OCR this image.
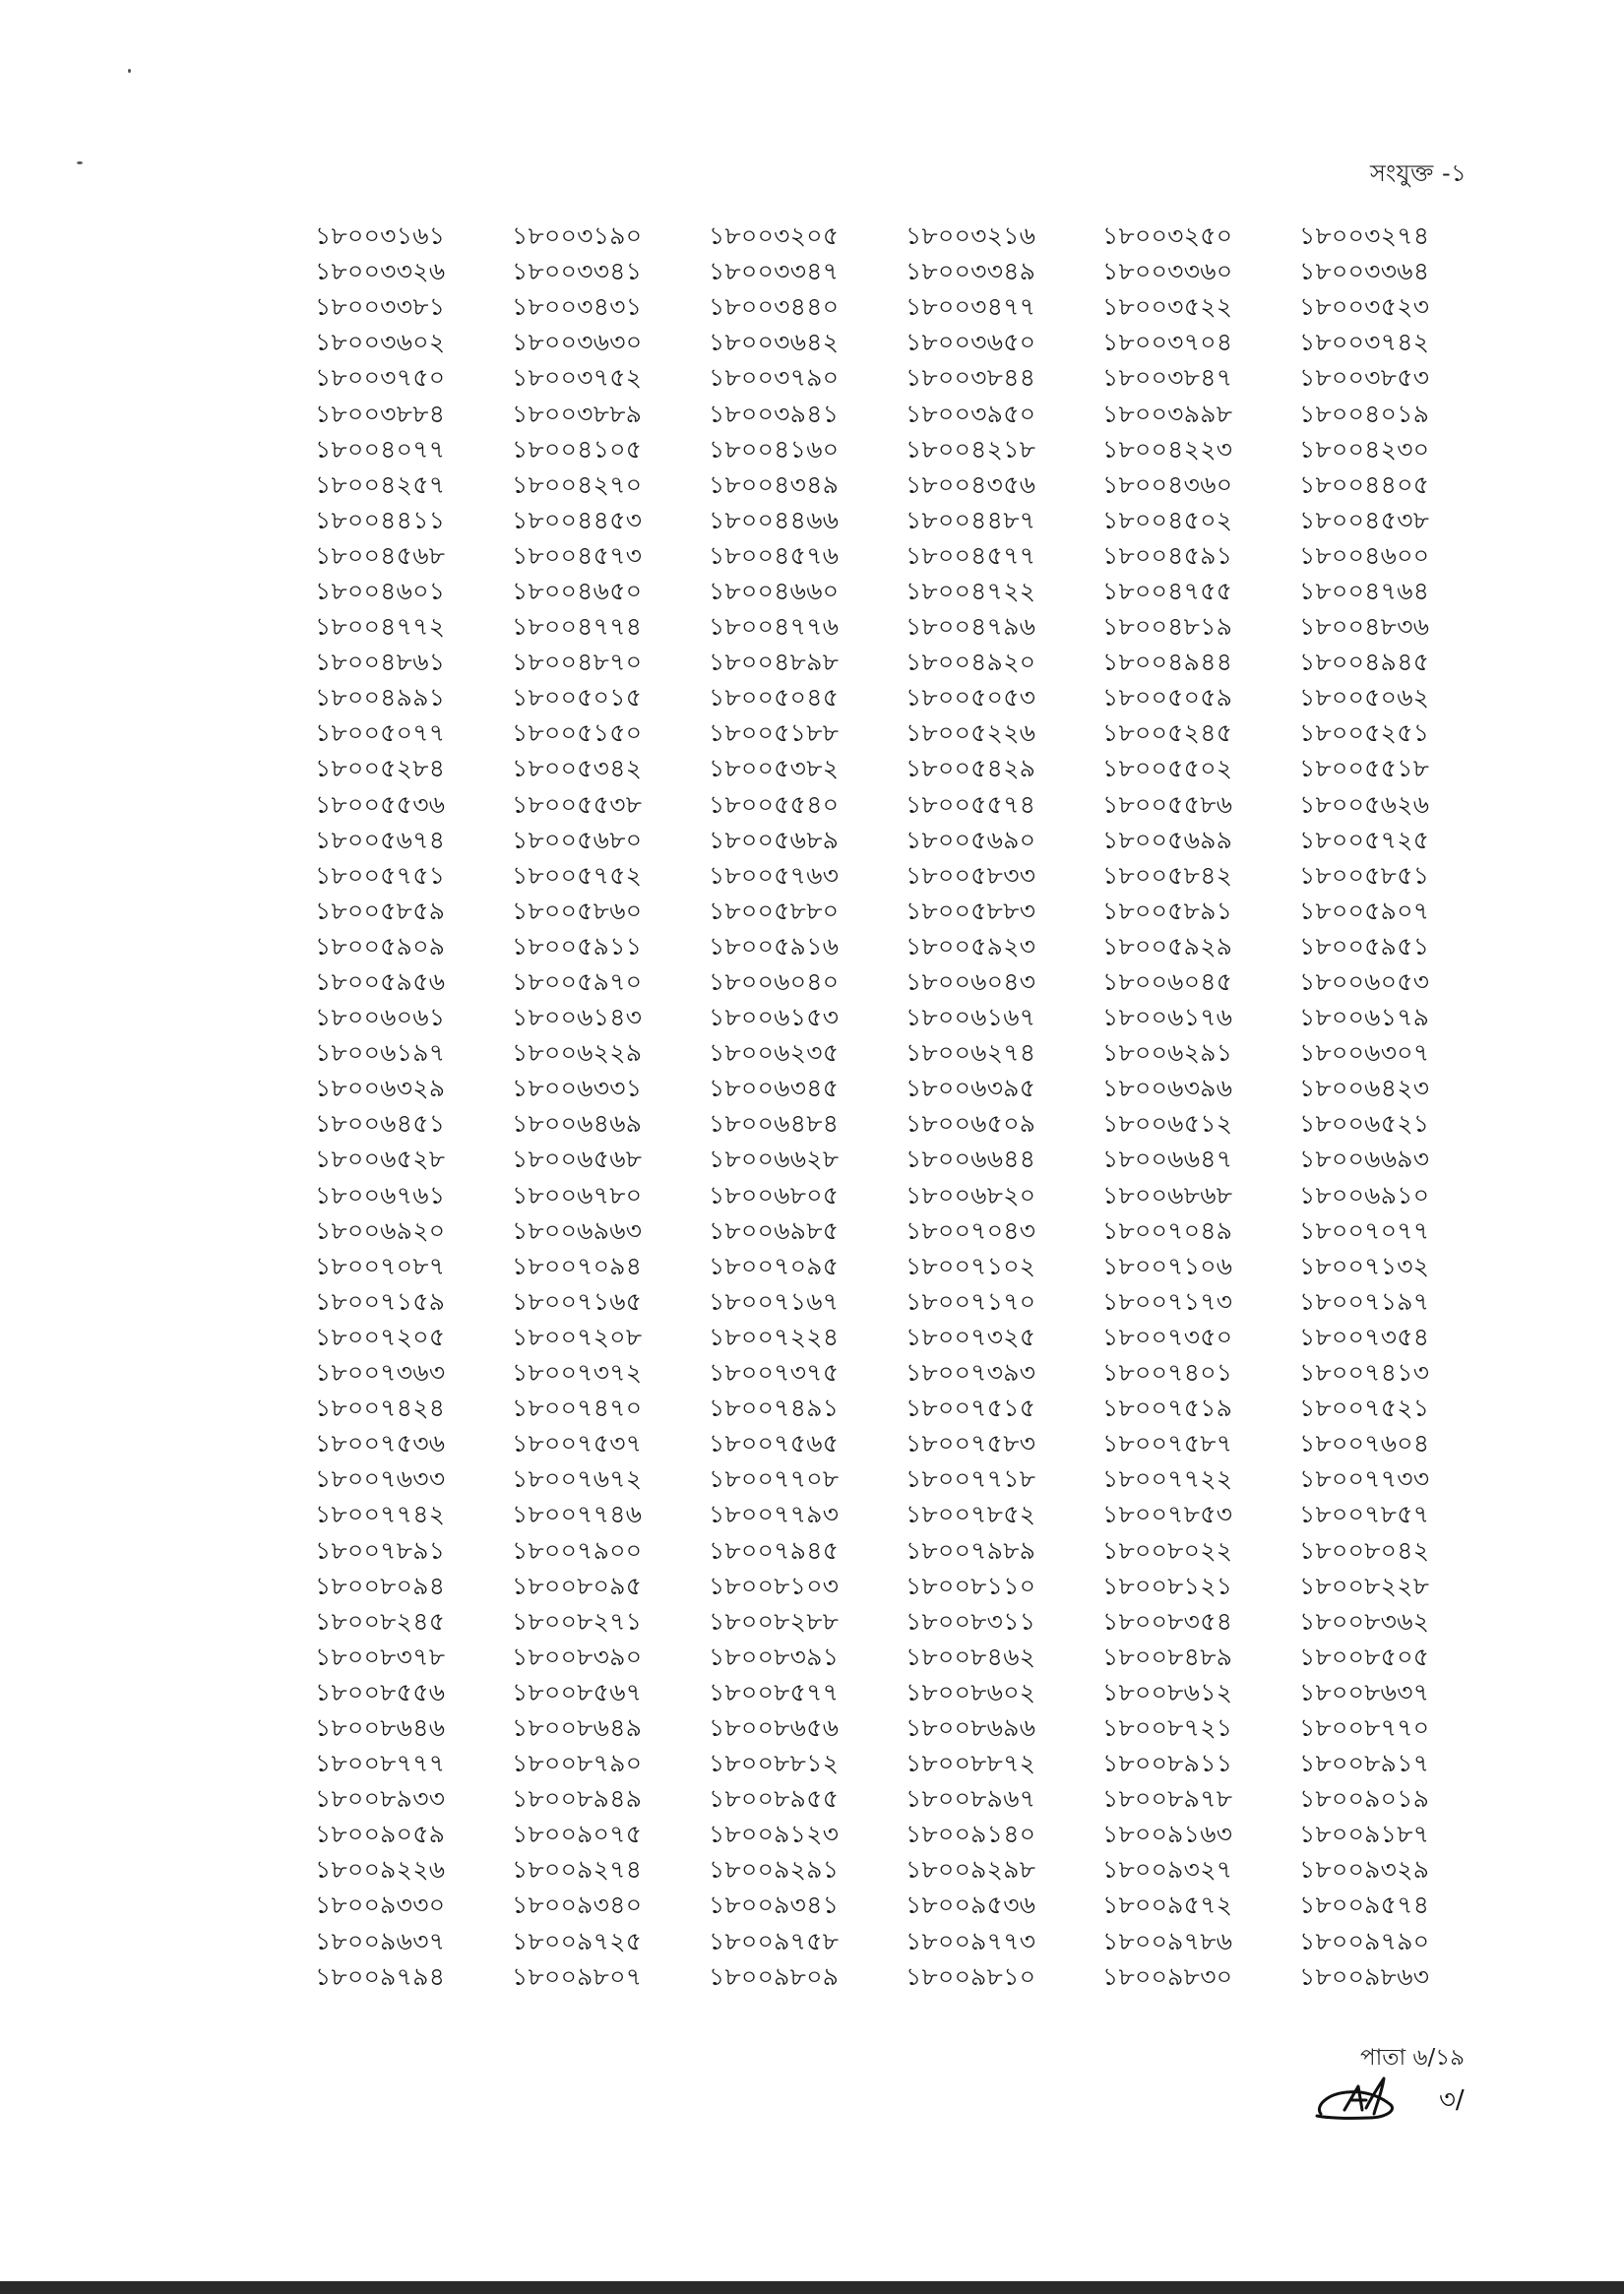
সংযুক্ত -১
১৮০০৩১৬১	১৮০০৩১৯০	১৮০০৩২০৫	১৮০০৩২১৬	১৮০০৩২৫০	১৮০০৩২৭৪
১৮০০৩৩২৬	১৮০০৩৩৪১	১৮০০৩৩৪৭	১৮০০৩৩৪৯	১৮০০৩৩৬০	১৮০০৩৩৬৪
১৮০০৩৩৮১	১৮০০৩৪৩১	১৮০০৩৪৪০	১৮০০৩৪৭৭	১৮০০৩৫২২	১৮০০৩৫২৩
১৮০০৩৬০২	১৮০০৩৬৩০	১৮০০৩৬৪২	১৮০০৩৬৫০	১৮০০৩৭০৪	১৮০০৩৭৪২
১৮০০৩৭৫০	১৮০০৩৭৫২	১৮০০৩৭৯০	১৮০০৩৮৪৪	১৮০০৩৮৪৭	১৮০০৩৮৫৩
১৮০০৩৮৮৪	১৮০০৩৮৮৯	১৮০০৩৯৪১	১৮০০৩৯৫০	১৮০০৩৯৯৮	১৮০০৪০১৯
১৮০০৪০৭৭	১৮০০৪১০৫	১৮০০৪১৬০	১৮০০৪২১৮	১৮০০৪২২৩	১৮০০৪২৩০
১৮০০৪২৫৭	১৮০০৪২৭০	১৮০০৪৩৪৯	১৮০০৪৩৫৬	১৮০০৪৩৬০	১৮০০৪৪০৫
১৮০০৪৪১১	১৮০০৪৪৫৩	১৮০০৪৪৬৬	১৮০০৪৪৮৭	১৮০০৪৫০২	১৮০০৪৫৩৮
১৮০০৪৫৬৮	১৮০০৪৫৭৩	১৮০০৪৫৭৬	১৮০০৪৫৭৭	১৮০০৪৫৯১	১৮০০৪৬০০
১৮০০৪৬০১	১৮০০৪৬৫০	১৮০০৪৬৬০	১৮০০৪৭২২	১৮০০৪৭৫৫	১৮০০৪৭৬৪
১৮০০৪৭৭২	১৮০০৪৭৭৪	১৮০০৪৭৭৬	১৮০০৪৭৯৬	১৮০০৪৮১৯	১৮০০৪৮৩৬
১৮০০৪৮৬১	১৮০০৪৮৭০	১৮০০৪৮৯৮	১৮০০৪৯২০	১৮০০৪৯৪৪	১৮০০৪৯৪৫
১৮০০৪৯৯১	১৮০০৫০১৫	১৮০০৫০৪৫	১৮০০৫০৫৩	১৮০০৫০৫৯	১৮০০৫০৬২
১৮০০৫০৭৭	১৮০০৫১৫০	১৮০০৫১৮৮	১৮০০৫২২৬	১৮০০৫২৪৫	১৮০০৫২৫১
১৮০০৫২৮৪	১৮০০৫৩৪২	১৮০০৫৩৮২	১৮০০৫৪২৯	১৮০০৫৫০২	১৮০০৫৫১৮
১৮০০৫৫৩৬	১৮০০৫৫৩৮	১৮০০৫৫৪০	১৮০০৫৫৭৪	১৮০০৫৫৮৬	১৮০০৫৬২৬
১৮০০৫৬৭৪	১৮০০৫৬৮০	১৮০০৫৬৮৯	১৮০০৫৬৯০	১৮০০৫৬৯৯	১৮০০৫৭২৫
১৮০০৫৭৫১	১৮০০৫৭৫২	১৮০০৫৭৬৩	১৮০০৫৮৩৩	১৮০০৫৮৪২	১৮০০৫৮৫১
১৮০০৫৮৫৯	১৮০০৫৮৬০	১৮০০৫৮৮০	১৮০০৫৮৮৩	১৮০০৫৮৯১	১৮০০৫৯০৭
১৮০০৫৯০৯	১৮০০৫৯১১	১৮০০৫৯১৬	১৮০০৫৯২৩	১৮০০৫৯২৯	১৮০০৫৯৫১
১৮০০৫৯৫৬	১৮০০৫৯৭০	১৮০০৬০৪০	১৮০০৬০৪৩	১৮০০৬০৪৫	১৮০০৬০৫৩
১৮০০৬০৬১	১৮০০৬১৪৩	১৮০০৬১৫৩	১৮০০৬১৬৭	১৮০০৬১৭৬	১৮০০৬১৭৯
১৮০০৬১৯৭	১৮০০৬২২৯	১৮০০৬২৩৫	১৮০০৬২৭৪	১৮০০৬২৯১	১৮০০৬৩০৭
১৮০০৬৩২৯	১৮০০৬৩৩১	১৮০০৬৩৪৫	১৮০০৬৩৯৫	১৮০০৬৩৯৬	১৮০০৬৪২৩
১৮০০৬৪৫১	১৮০০৬৪৬৯	১৮০০৬৪৮৪	১৮০০৬৫০৯	১৮০০৬৫১২	১৮০০৬৫২১
১৮০০৬৫২৮	১৮০০৬৫৬৮	১৮০০৬৬২৮	১৮০০৬৬৪৪	১৮০০৬৬৪৭	১৮০০৬৬৯৩
১৮০০৬৭৬১	১৮০০৬৭৮০	১৮০০৬৮০৫	১৮০০৬৮২০	১৮০০৬৮৬৮	১৮০০৬৯১০
১৮০০৬৯২০	১৮০০৬৯৬৩	১৮০০৬৯৮৫	১৮০০৭০৪৩	১৮০০৭০৪৯	১৮০০৭০৭৭
১৮০০৭০৮৭	১৮০০৭০৯৪	১৮০০৭০৯৫	১৮০০৭১০২	১৮০০৭১০৬	১৮০০৭১৩২
১৮০০৭১৫৯	১৮০০৭১৬৫	১৮০০৭১৬৭	১৮০০৭১৭০	১৮০০৭১৭৩	১৮০০৭১৯৭
১৮০০৭২০৫	১৮০০৭২০৮	১৮০০৭২২৪	১৮০০৭৩২৫	১৮০০৭৩৫০	১৮০০৭৩৫৪
১৮০০৭৩৬৩	১৮০০৭৩৭২	১৮০০৭৩৭৫	১৮০০৭৩৯৩	১৮০০৭৪০১	১৮০০৭৪১৩
১৮০০৭৪২৪	১৮০০৭৪৭০	১৮০০৭৪৯১	১৮০০৭৫১৫	১৮০০৭৫১৯	১৮০০৭৫২১
১৮০০৭৫৩৬	১৮০০৭৫৩৭	১৮০০৭৫৬৫	১৮০০৭৫৮৩	১৮০০৭৫৮৭	১৮০০৭৬০৪
১৮০০৭৬৩৩	১৮০০৭৬৭২	১৮০০৭৭০৮	১৮০০৭৭১৮	১৮০০৭৭২২	১৮০০৭৭৩৩
১৮০০৭৭৪২	১৮০০৭৭৪৬	১৮০০৭৭৯৩	১৮০০৭৮৫২	১৮০০৭৮৫৩	১৮০০৭৮৫৭
১৮০০৭৮৯১	১৮০০৭৯০০	১৮০০৭৯৪৫	১৮০০৭৯৮৯	১৮০০৮০২২	১৮০০৮০৪২
১৮০০৮০৯৪	১৮০০৮০৯৫	১৮০০৮১০৩	১৮০০৮১১০	১৮০০৮১২১	১৮০০৮২২৮
১৮০০৮২৪৫	১৮০০৮২৭১	১৮০০৮২৮৮	১৮০০৮৩১১	১৮০০৮৩৫৪	১৮০০৮৩৬২
১৮০০৮৩৭৮	১৮০০৮৩৯০	১৮০০৮৩৯১	১৮০০৮৪৬২	১৮০০৮৪৮৯	১৮০০৮৫০৫
১৮০০৮৫৫৬	১৮০০৮৫৬৭	১৮০০৮৫৭৭	১৮০০৮৬০২	১৮০০৮৬১২	১৮০০৮৬৩৭
১৮০০৮৬৪৬	১৮০০৮৬৪৯	১৮০০৮৬৫৬	১৮০০৮৬৯৬	১৮০০৮৭২১	১৮০০৮৭৭০
১৮০০৮৭৭৭	১৮০০৮৭৯০	১৮০০৮৮১২	১৮০০৮৮৭২	১৮০০৮৯১১	১৮০০৮৯১৭
১৮০০৮৯৩৩	১৮০০৮৯৪৯	১৮০০৮৯৫৫	১৮০০৮৯৬৭	১৮০০৮৯৭৮	১৮০০৯০১৯
১৮০০৯০৫৯	১৮০০৯০৭৫	১৮০০৯১২৩	১৮০০৯১৪০	১৮০০৯১৬৩	১৮০০৯১৮৭
১৮০০৯২২৬	১৮০০৯২৭৪	১৮০০৯২৯১	১৮০০৯২৯৮	১৮০০৯৩২৭	১৮০০৯৩২৯
১৮০০৯৩৩০	১৮০০৯৩৪০	১৮০০৯৩৪১	১৮০০৯৫৩৬	১৮০০৯৫৭২	১৮০০৯৫৭৪
১৮০০৯৬৩৭	১৮০০৯৭২৫	১৮০০৯৭৫৮	১৮০০৯৭৭৩	১৮০০৯৭৮৬	১৮০০৯৭৯০
১৮০০৯৭৯৪	১৮০০৯৮০৭	১৮০০৯৮০৯	১৮০০৯৮১০	১৮০০৯৮৩০	১৮০০৯৮৬৩
পাতা ৬/১৯
৩/
